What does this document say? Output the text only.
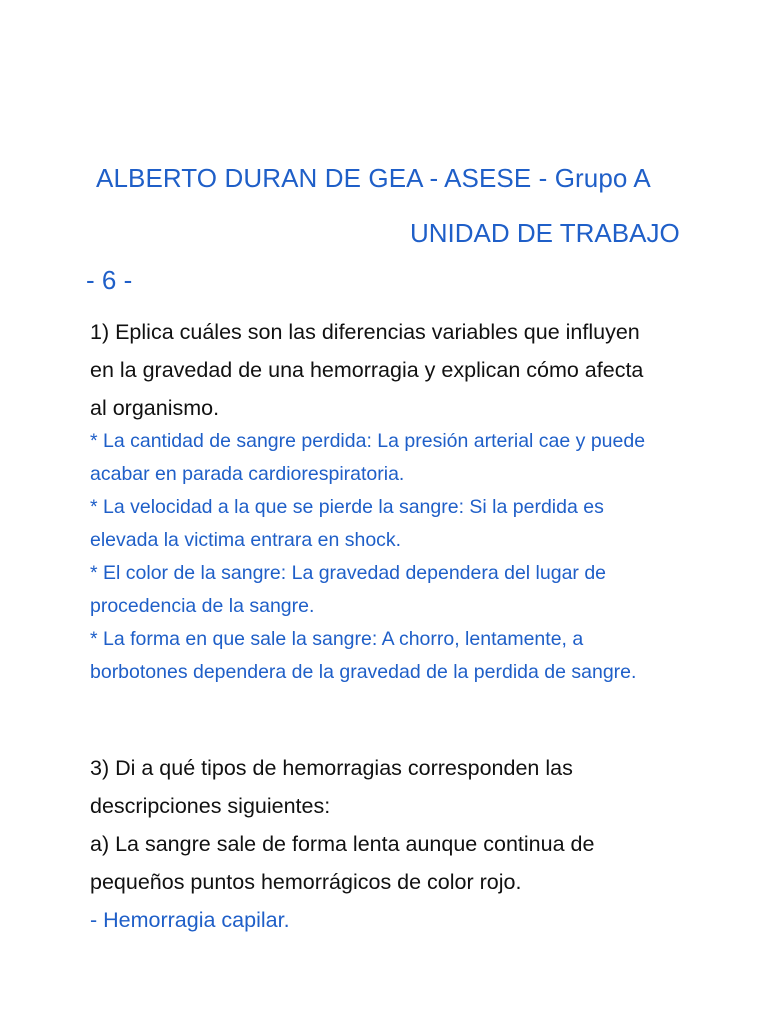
ALBERTO DURAN DE GEA - ASESE - Grupo A

UNIDAD DE TRABAJO

- 6 -

1) Eplica cuáles son las diferencias variables que influyen

en la gravedad de una hemorragia y explican cómo afecta

al organismo.

* La cantidad de sangre perdida: La presión arterial cae y puede

acabar en parada cardiorespiratoria.

* La velocidad a la que se pierde la sangre: Si la perdida es

elevada la victima entrara en shock.

* El color de la sangre: La gravedad dependera del lugar de

procedencia de la sangre.

* La forma en que sale la sangre: A chorro, lentamente, a

borbotones dependera de la gravedad de la perdida de sangre.

3) Di a qué tipos de hemorragias corresponden las

descripciones siguientes:

a) La sangre sale de forma lenta aunque continua de

pequeños puntos hemorrágicos de color rojo.

- Hemorragia capilar.
